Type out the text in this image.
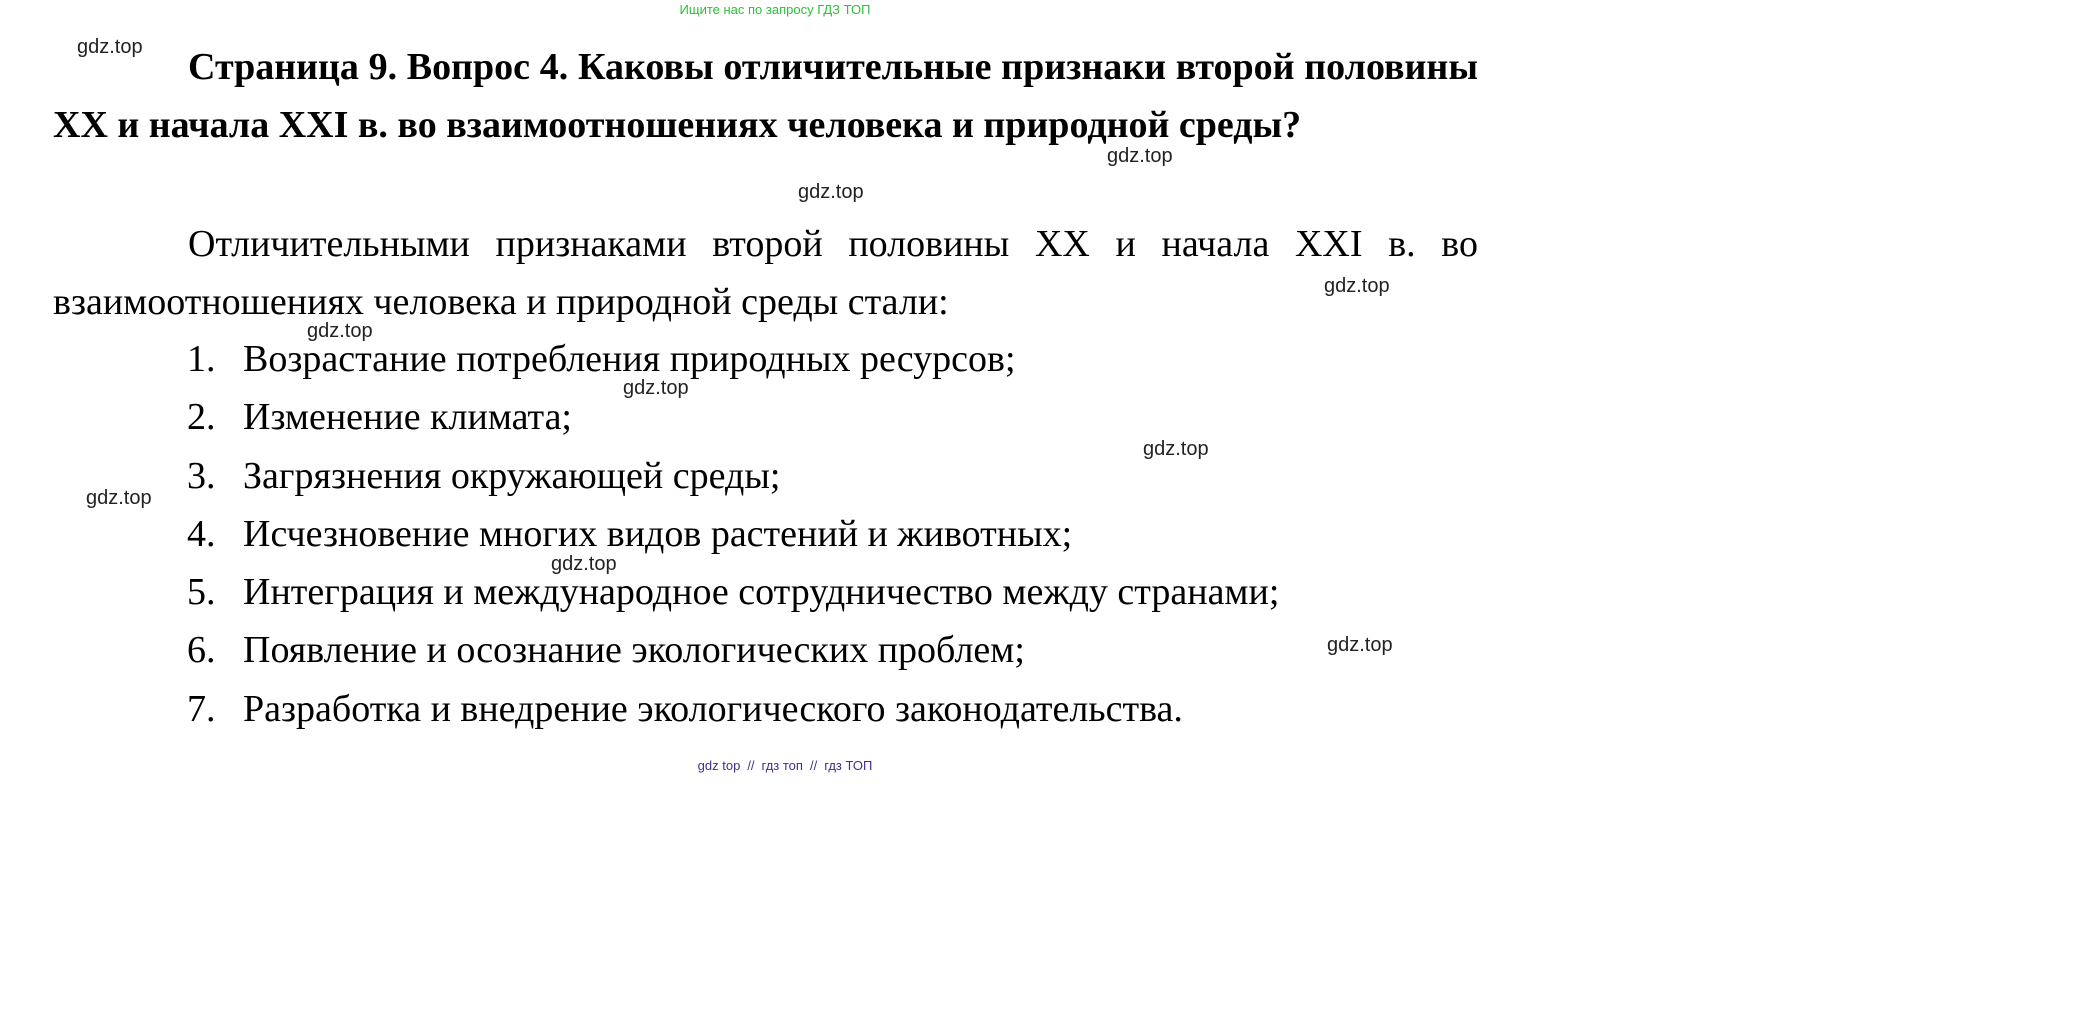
Ищите нас по запросу ГДЗ ТОП
Страница 9. Вопрос 4. Каковы отличительные признаки второй половины XX и начала XXI в. во взаимоотношениях человека и природной среды?
Отличительными признаками второй половины XX и начала XXI в. во взаимоотношениях человека и природной среды стали:
1. Возрастание потребления природных ресурсов;
2. Изменение климата;
3. Загрязнения окружающей среды;
4. Исчезновение многих видов растений и животных;
5. Интеграция и международное сотрудничество между странами;
6. Появление и осознание экологических проблем;
7. Разработка и внедрение экологического законодательства.
gdz.top
gdz.top
gdz.top
gdz.top
gdz.top
gdz.top
gdz.top
gdz.top
gdz.top
gdz.top
gdz top // гдз топ // гдз ТОП
